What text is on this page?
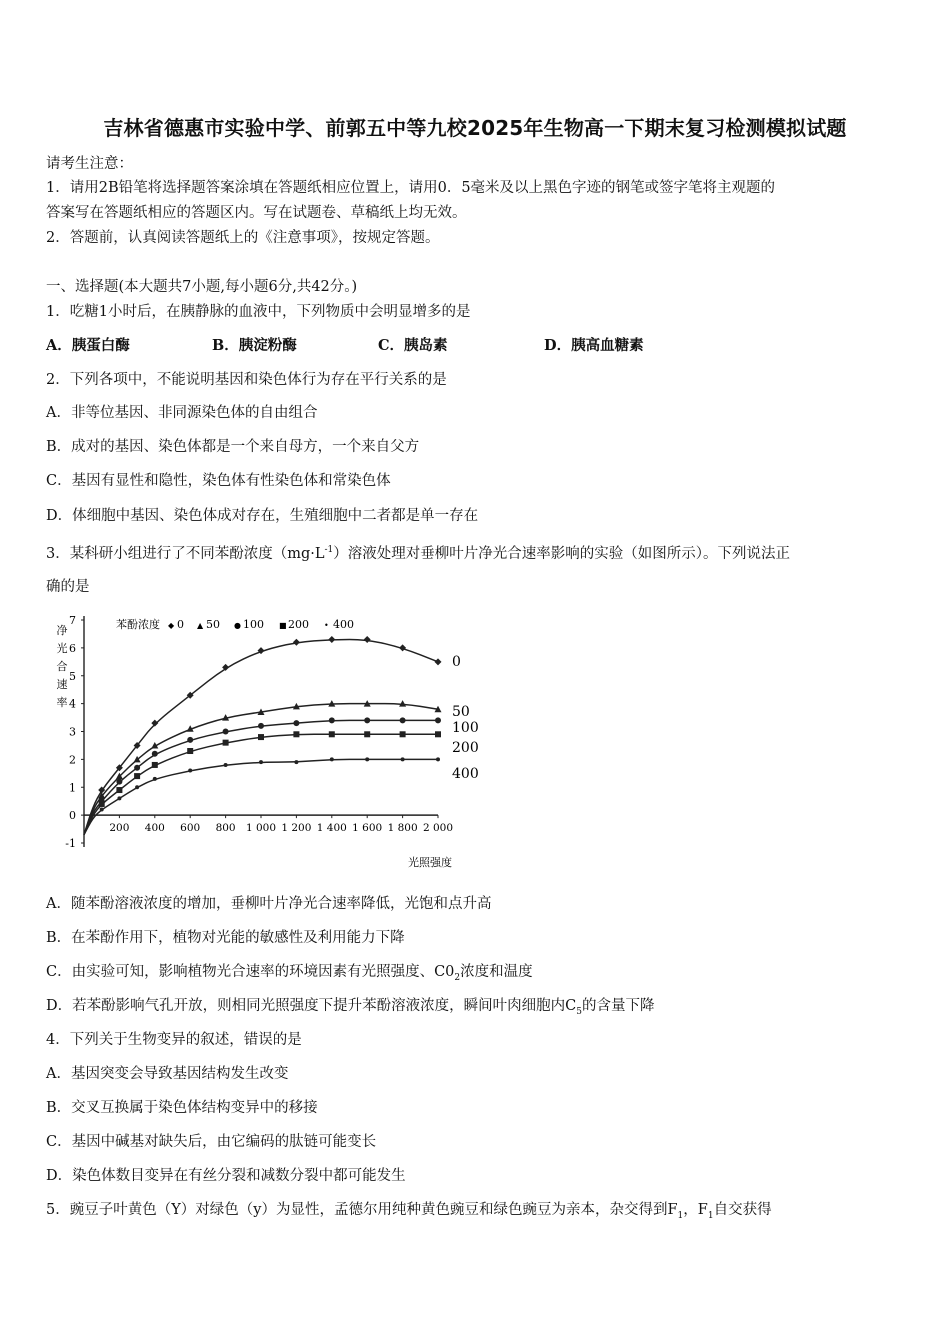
吉林省德惠市实验中学、前郭五中等九校2025年生物高一下期末复习检测模拟试题
请考生注意：
1．请用2B铅笔将选择题答案涂填在答题纸相应位置上，请用0．5毫米及以上黑色字迹的钢笔或签字笔将主观题的
答案写在答题纸相应的答题区内。写在试题卷、草稿纸上均无效。
2．答题前，认真阅读答题纸上的《注意事项》，按规定答题。
一、选择题(本大题共7小题,每小题6分,共42分。)
1．吃糖1小时后，在胰静脉的血液中，下列物质中会明显增多的是
A．胰蛋白酶	B．胰淀粉酶	C．胰岛素	D．胰高血糖素
2．下列各项中，不能说明基因和染色体行为存在平行关系的是
A．非等位基因、非同源染色体的自由组合
B．成对的基因、染色体都是一个来自母方，一个来自父方
C．基因有显性和隐性，染色体有性染色体和常染色体
D．体细胞中基因、染色体成对存在，生殖细胞中二者都是单一存在
3．某科研小组进行了不同苯酚浓度$(mg\cdot L^{-1})$溶液处理对垂柳叶片净光合速率影响的实验（如图所示）。下列说法正
确的是
-1
0
1
2
3
4
5
6
7
200 400 600 800 1 000 1 200 1 400 1 600 1 800 2 000
净
光
合
速
率
◆ 0 ▲ 50 ● 100 ■ 200 • 400
0
50
100
200
400
苯酚浓度
光照强度
A．随苯酚溶液浓度的增加，垂柳叶片净光合速率降低，光饱和点升高
B．在苯酚作用下，植物对光能的敏感性及利用能力下降
C．由实验可知，影响植物光合速率的环境因素有光照强度、$C0_2$浓度和温度
D．若苯酚影响气孔开放，则相同光照强度下提升苯酚溶液浓度，瞬间叶肉细胞内$C_5$的含量下降
4．下列关于生物变异的叙述，错误的是
A．基因突变会导致基因结构发生改变
B．交叉互换属于染色体结构变异中的移接
C．基因中碱基对缺失后，由它编码的肽链可能变长
D．染色体数目变异在有丝分裂和减数分裂中都可能发生
5．豌豆子叶黄色（Y）对绿色（y）为显性，孟德尔用纯种黄色豌豆和绿色豌豆为亲本，杂交得到$F_1$，$F_1$自交获得
